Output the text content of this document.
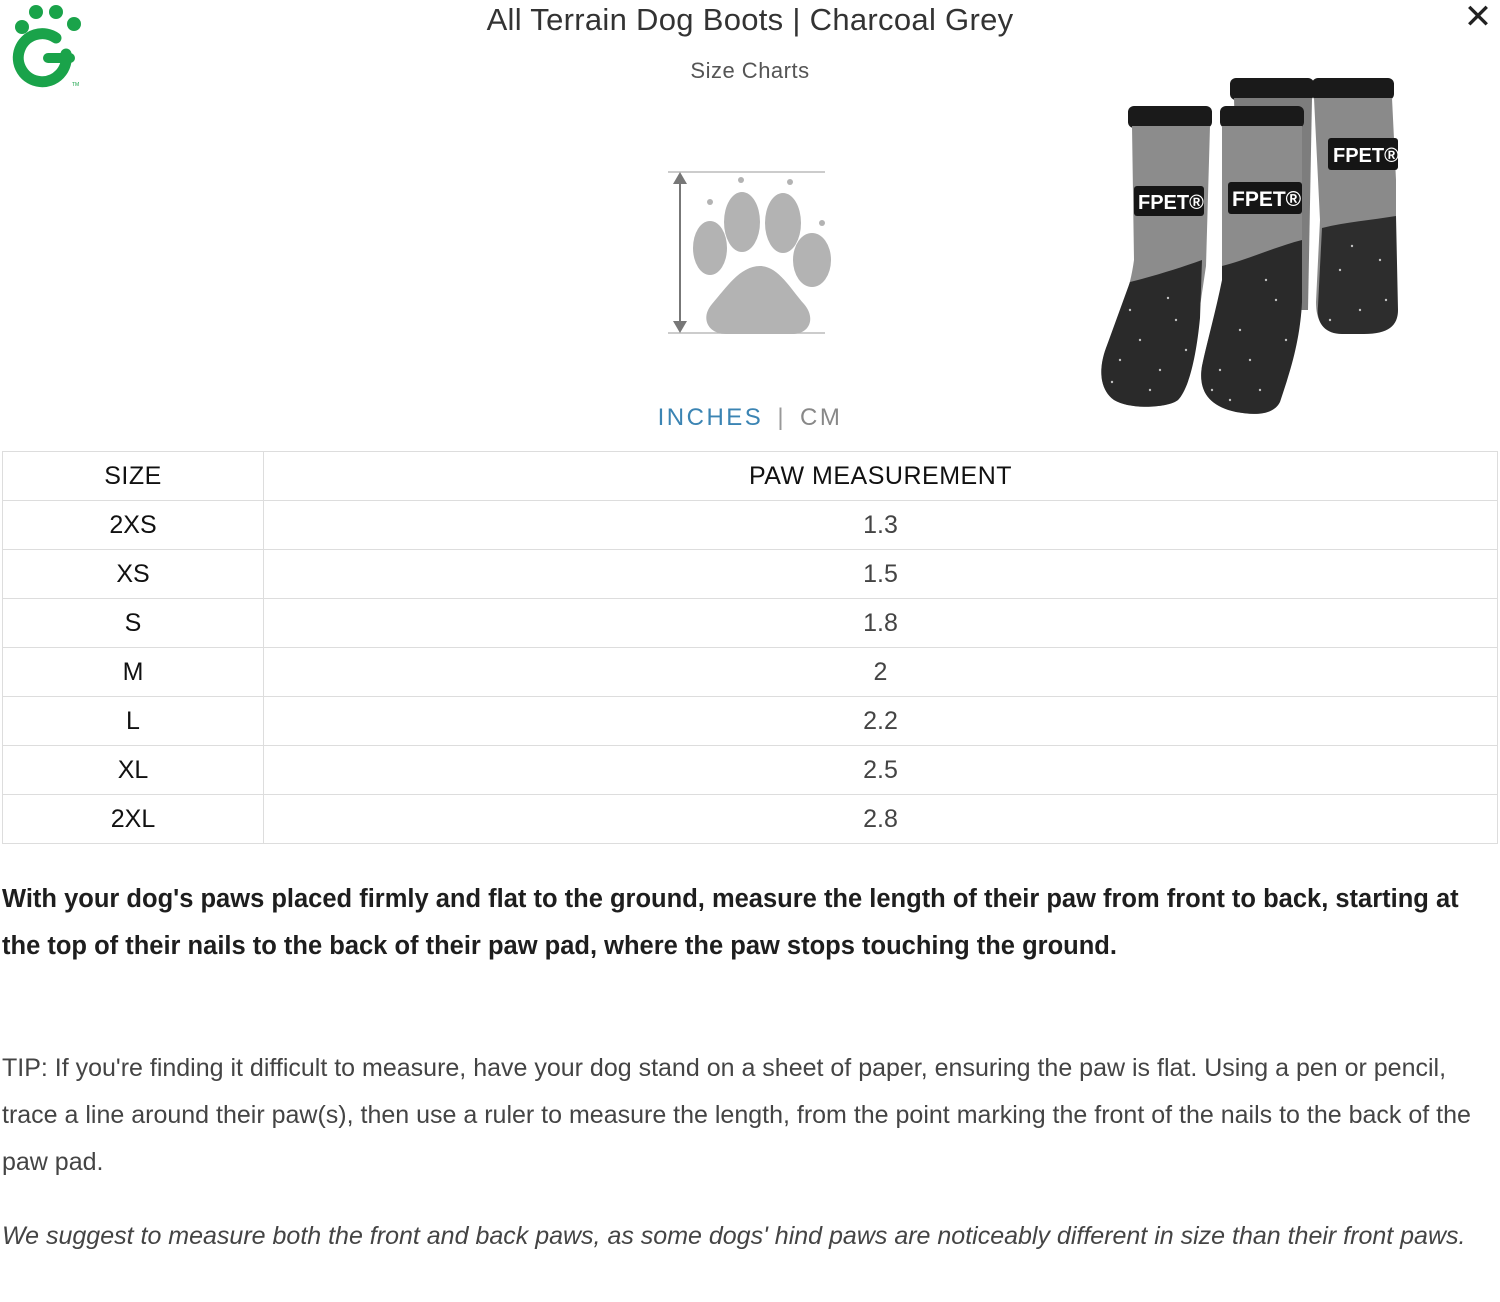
TM
All Terrain Dog Boots | Charcoal Grey
Size Charts
✕
FPET®
FPET®
FPET®
INCHES | CM
SIZE	PAW MEASUREMENT
2XS	1.3
XS	1.5
S	1.8
M	2
L	2.2
XL	2.5
2XL	2.8

With your dog's paws placed firmly and flat to the ground, measure the length of their paw from front to back, starting at the top of their nails to the back of their paw pad, where the paw stops touching the ground.

TIP: If you're finding it difficult to measure, have your dog stand on a sheet of paper, ensuring the paw is flat. Using a pen or pencil, trace a line around their paw(s), then use a ruler to measure the length, from the point marking the front of the nails to the back of the paw pad.

We suggest to measure both the front and back paws, as some dogs' hind paws are noticeably different in size than their front paws.
